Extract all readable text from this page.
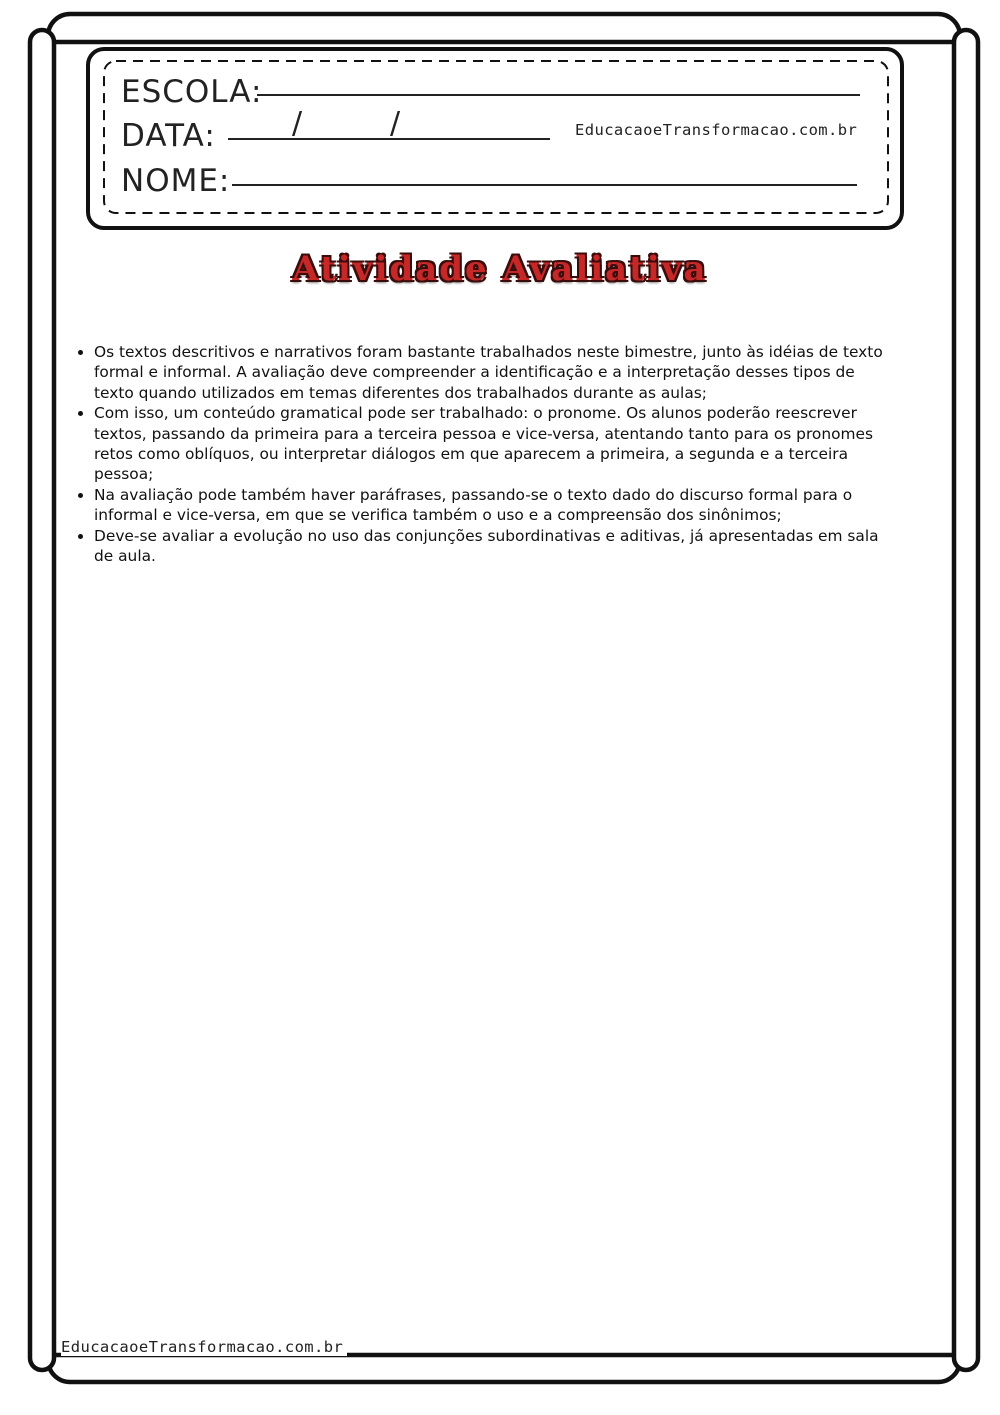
ESCOLA:
DATA:	/	/
NOME:
EducacaoeTransformacao.com.br
Atividade Avaliativa
• Os textos descritivos e narrativos foram bastante trabalhados neste bimestre, junto às idéias de texto formal e informal. A avaliação deve compreender a identificação e a interpretação desses tipos de texto quando utilizados em temas diferentes dos trabalhados durante as aulas;
• Com isso, um conteúdo gramatical pode ser trabalhado: o pronome. Os alunos poderão reescrever textos, passando da primeira para a terceira pessoa e vice-versa, atentando tanto para os pronomes retos como oblíquos, ou interpretar diálogos em que aparecem a primeira, a segunda e a terceira pessoa;
• Na avaliação pode também haver paráfrases, passando-se o texto dado do discurso formal para o informal e vice-versa, em que se verifica também o uso e a compreensão dos sinônimos;
• Deve-se avaliar a evolução no uso das conjunções subordinativas e aditivas, já apresentadas em sala de aula.
EducacaoeTransformacao.com.br
